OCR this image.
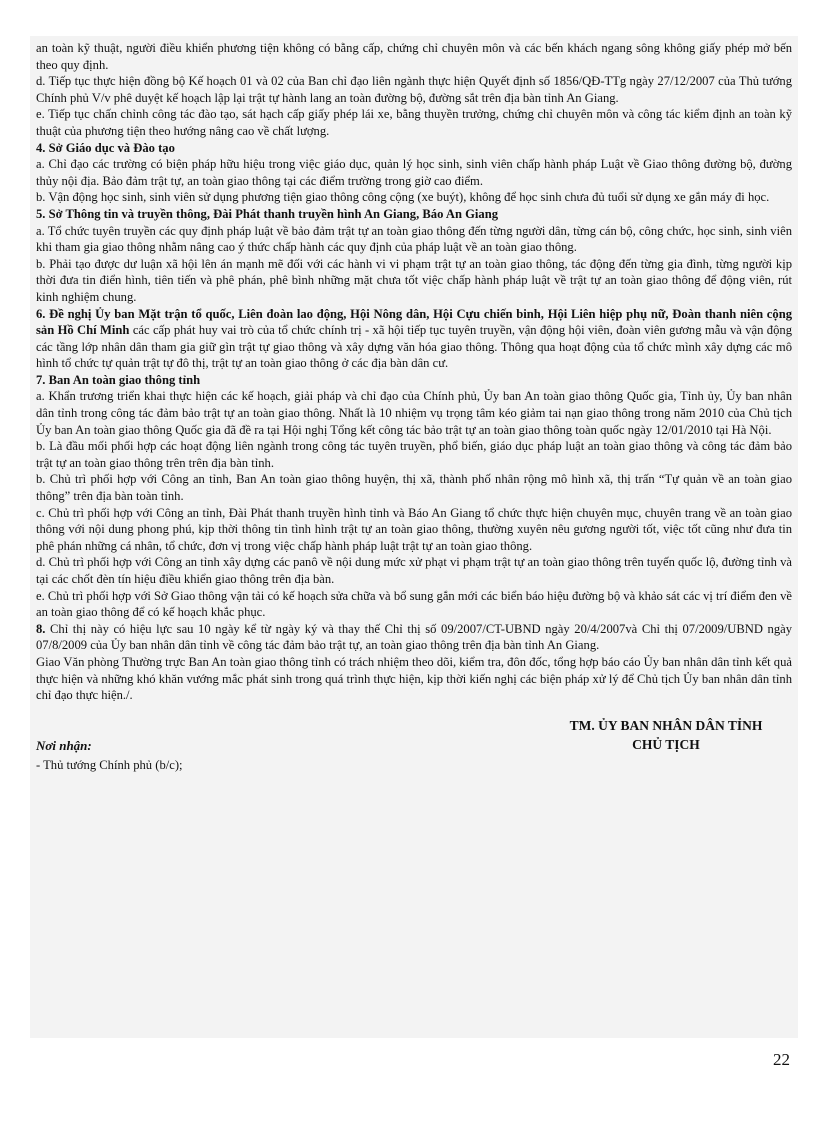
an toàn kỹ thuật, người điều khiển phương tiện không có bằng cấp, chứng chỉ chuyên môn và các bến khách ngang sông không giấy phép mở bến theo quy định.

d. Tiếp tục thực hiện đồng bộ Kế hoạch 01 và 02 của Ban chỉ đạo liên ngành thực hiện Quyết định số 1856/QĐ-TTg ngày 27/12/2007 của Thủ tướng Chính phủ V/v phê duyệt kế hoạch lập lại trật tự hành lang an toàn đường bộ, đường sắt trên địa bàn tỉnh An Giang.

e. Tiếp tục chấn chỉnh công tác đào tạo, sát hạch cấp giấy phép lái xe, bằng thuyền trưởng, chứng chỉ chuyên môn và công tác kiểm định an toàn kỹ thuật của phương tiện theo hướng nâng cao về chất lượng.

4. Sở Giáo dục và Đào tạo

a. Chỉ đạo các trường có biện pháp hữu hiệu trong việc giáo dục, quản lý học sinh, sinh viên chấp hành pháp Luật về Giao thông đường bộ, đường thủy nội địa. Bảo đảm trật tự, an toàn giao thông tại các điểm trường trong giờ cao điểm.

b. Vận động học sinh, sinh viên sử dụng phương tiện giao thông công cộng (xe buýt), không để học sinh chưa đủ tuổi sử dụng xe gắn máy đi học.

5. Sở Thông tin và truyền thông, Đài Phát thanh truyền hình An Giang, Báo An Giang

a. Tổ chức tuyên truyền các quy định pháp luật về bảo đảm trật tự an toàn giao thông đến từng người dân, từng cán bộ, công chức, học sinh, sinh viên khi tham gia giao thông nhằm nâng cao ý thức chấp hành các quy định của pháp luật về an toàn giao thông.

b. Phải tạo được dư luận xã hội lên án mạnh mẽ đối với các hành vi vi phạm trật tự an toàn giao thông, tác động đến từng gia đình, từng người kịp thời đưa tin điển hình, tiên tiến và phê phán, phê bình những mặt chưa tốt việc chấp hành pháp luật về trật tự an toàn giao thông để động viên, rút kinh nghiệm chung.

6. Đề nghị Ủy ban Mặt trận tổ quốc, Liên đoàn lao động, Hội Nông dân, Hội Cựu chiến binh, Hội Liên hiệp phụ nữ, Đoàn thanh niên cộng sản Hồ Chí Minh các cấp phát huy vai trò của tổ chức chính trị - xã hội tiếp tục tuyên truyền, vận động hội viên, đoàn viên gương mẫu và vận động các tầng lớp nhân dân tham gia giữ gìn trật tự giao thông và xây dựng văn hóa giao thông. Thông qua hoạt động của tổ chức mình xây dựng các mô hình tổ chức tự quản trật tự đô thị, trật tự an toàn giao thông ở các địa bàn dân cư.

7. Ban An toàn giao thông tỉnh

a. Khẩn trương triển khai thực hiện các kế hoạch, giải pháp và chỉ đạo của Chính phủ, Ủy ban An toàn giao thông Quốc gia, Tỉnh ủy, Ủy ban nhân dân tỉnh trong công tác đảm bảo trật tự an toàn giao thông. Nhất là 10 nhiệm vụ trọng tâm kéo giảm tai nạn giao thông trong năm 2010 của Chủ tịch Ủy ban An toàn giao thông Quốc gia đã đề ra tại Hội nghị Tổng kết công tác bảo trật tự an toàn giao thông toàn quốc ngày 12/01/2010 tại Hà Nội.

b. Là đầu mối phối hợp các hoạt động liên ngành trong công tác tuyên truyền, phổ biến, giáo dục pháp luật an toàn giao thông và công tác đảm bảo trật tự an toàn giao thông trên trên địa bàn tỉnh.

b. Chủ trì phối hợp với Công an tỉnh, Ban An toàn giao thông huyện, thị xã, thành phố nhân rộng mô hình xã, thị trấn “Tự quản về an toàn giao thông” trên địa bàn toàn tỉnh.

c. Chủ trì phối hợp với Công an tỉnh, Đài Phát thanh truyền hình tỉnh và Báo An Giang tổ chức thực hiện chuyên mục, chuyên trang về an toàn giao thông với nội dung phong phú, kịp thời thông tin tình hình trật tự an toàn giao thông, thường xuyên nêu gương người tốt, việc tốt cũng như đưa tin phê phán những cá nhân, tổ chức, đơn vị trong việc chấp hành pháp luật trật tự an toàn giao thông.

d. Chủ trì phối hợp với Công an tỉnh xây dựng các panô về nội dung mức xử phạt vi phạm trật tự an toàn giao thông trên tuyến quốc lộ, đường tỉnh và tại các chốt đèn tín hiệu điều khiển giao thông trên địa bàn.

e. Chủ trì phối hợp với Sở Giao thông vận tải có kế hoạch sửa chữa và bổ sung gắn mới các biển báo hiệu đường bộ và khảo sát các vị trí điểm đen về an toàn giao thông để có kế hoạch khắc phục.

8. Chỉ thị này có hiệu lực sau 10 ngày kể từ ngày ký và thay thế Chỉ thị số 09/2007/CT-UBND ngày 20/4/2007và Chỉ thị 07/2009/UBND ngày 07/8/2009 của Ủy ban nhân dân tỉnh về công tác đảm bảo trật tự, an toàn giao thông trên địa bàn tỉnh An Giang.

Giao Văn phòng Thường trực Ban An toàn giao thông tỉnh có trách nhiệm theo dõi, kiểm tra, đôn đốc, tổng hợp báo cáo Ủy ban nhân dân tỉnh kết quả thực hiện và những khó khăn vướng mắc phát sinh trong quá trình thực hiện, kịp thời kiến nghị các biện pháp xử lý để Chủ tịch Ủy ban nhân dân tỉnh chỉ đạo thực hiện./.

Nơi nhận:
- Thủ tướng Chính phủ (b/c);
TM. ỦY BAN NHÂN DÂN TỈNH
CHỦ TỊCH
22
